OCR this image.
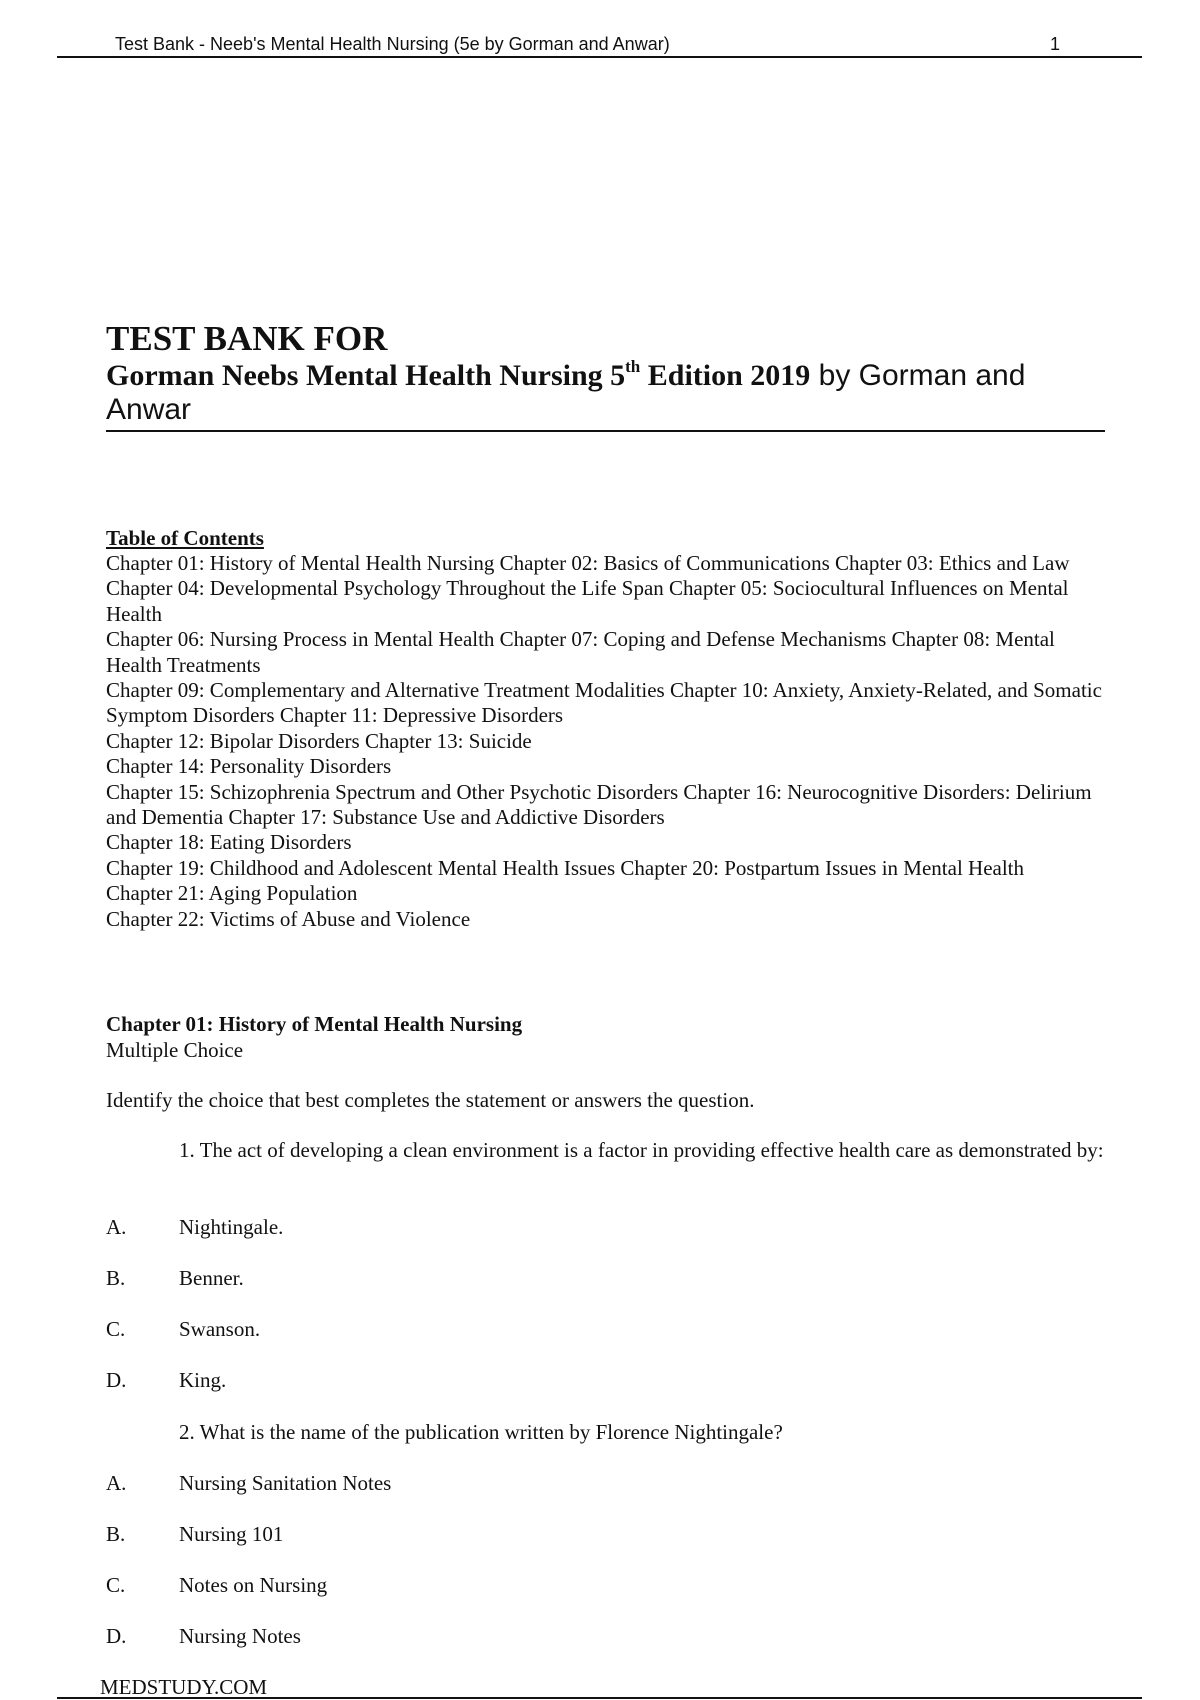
Test Bank - Neeb's Mental Health Nursing (5e by Gorman and Anwar)	1
TEST BANK FOR
Gorman Neebs Mental Health Nursing 5th Edition 2019 by Gorman and Anwar
Table of Contents
Chapter 01: History of Mental Health Nursing Chapter 02: Basics of Communications Chapter 03: Ethics and Law
Chapter 04: Developmental Psychology Throughout the Life Span Chapter 05: Sociocultural Influences on Mental Health
Chapter 06: Nursing Process in Mental Health Chapter 07: Coping and Defense Mechanisms Chapter 08: Mental Health Treatments
Chapter 09: Complementary and Alternative Treatment Modalities Chapter 10: Anxiety, Anxiety-Related, and Somatic Symptom Disorders Chapter 11: Depressive Disorders
Chapter 12: Bipolar Disorders Chapter 13: Suicide
Chapter 14: Personality Disorders
Chapter 15: Schizophrenia Spectrum and Other Psychotic Disorders Chapter 16: Neurocognitive Disorders: Delirium and Dementia Chapter 17: Substance Use and Addictive Disorders
Chapter 18: Eating Disorders
Chapter 19: Childhood and Adolescent Mental Health Issues Chapter 20: Postpartum Issues in Mental Health
Chapter 21: Aging Population
Chapter 22: Victims of Abuse and Violence
Chapter 01: History of Mental Health Nursing
Multiple Choice
Identify the choice that best completes the statement or answers the question.
1. The act of developing a clean environment is a factor in providing effective health care as demonstrated by:
A.	Nightingale.
B.	Benner.
C.	Swanson.
D.	King.
2. What is the name of the publication written by Florence Nightingale?
A.	Nursing Sanitation Notes
B.	Nursing 101
C.	Notes on Nursing
D.	Nursing Notes
MEDSTUDY.COM
